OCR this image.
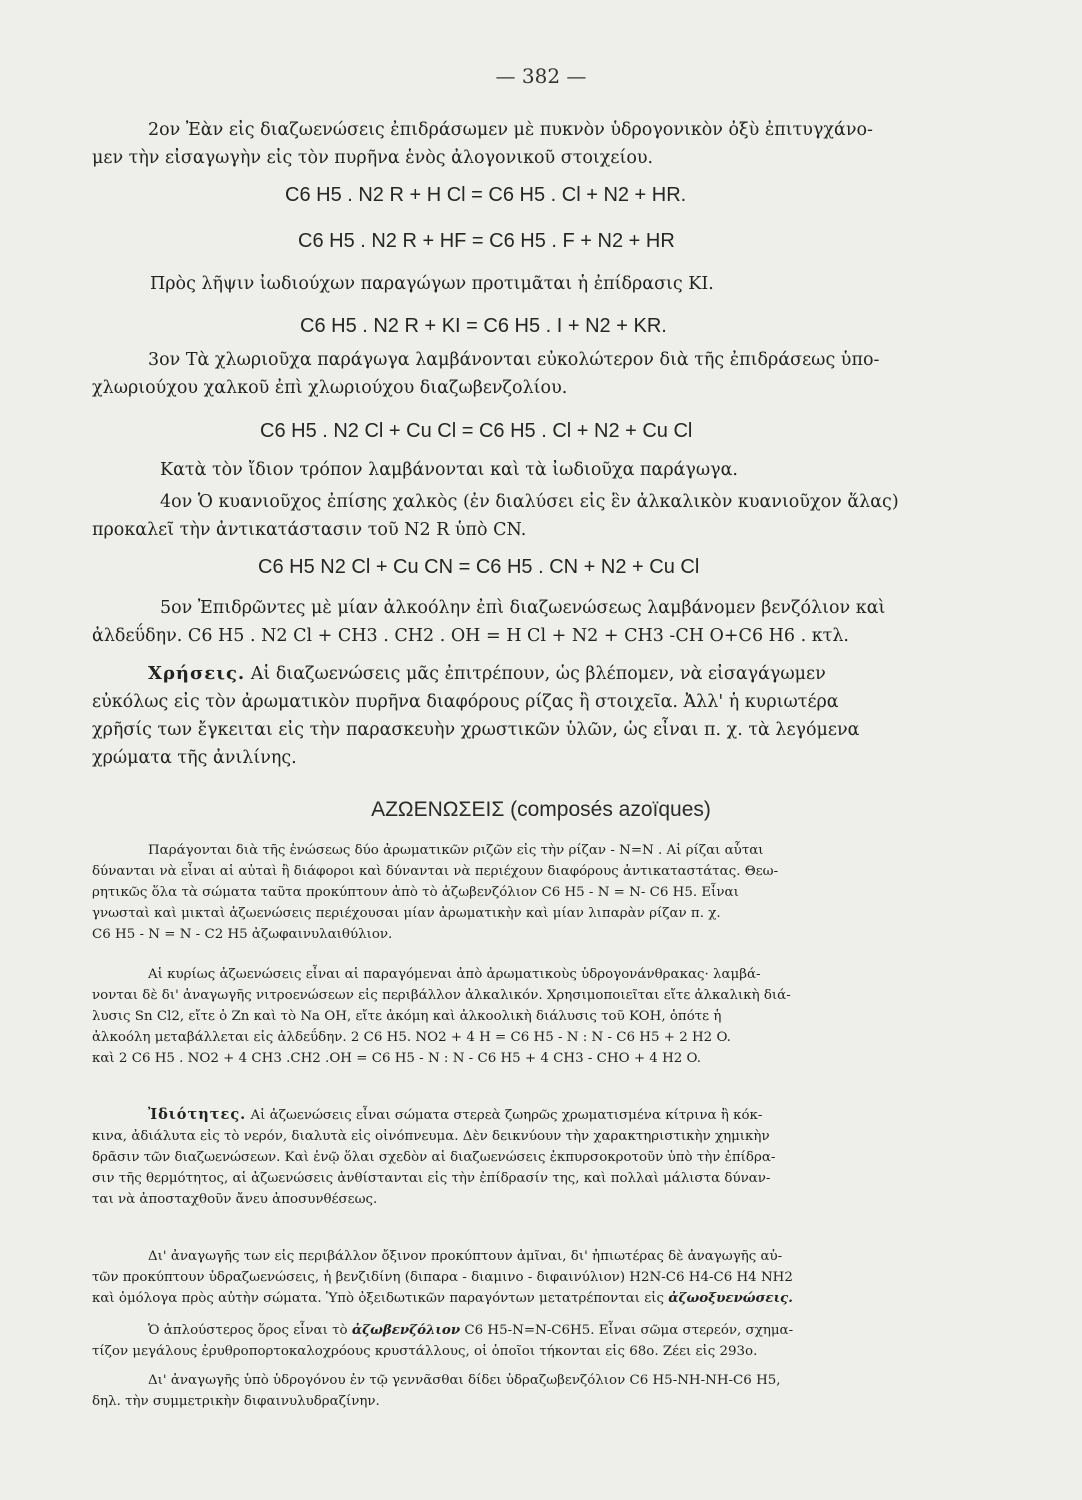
— 382 —
2ον Ἐὰν εἰς διαζωενώσεις ἐπιδράσωμεν μὲ πυκνὸν ὑδρογονικὸν ὀξὺ ἐπιτυγχάνο-
μεν τὴν εἰσαγωγὴν εἰς τὸν πυρῆνα ἑνὸς ἀλογονικοῦ στοιχείου.
C6 H5 . N2 R + H Cl = C6 H5 . Cl + N2 + HR.
C6 H5 . N2 R + HF = C6 H5 . F + N2 + HR
Πρὸς λῆψιν ἰωδιούχων παραγώγων προτιμᾶται ἡ ἐπίδρασις KI.
C6 H5 . N2 R + KI = C6 H5 . I + N2 + KR.
3ον Τὰ χλωριοῦχα παράγωγα λαμβάνονται εὐκολώτερον διὰ τῆς ἐπιδράσεως ὑπο-
χλωριούχου χαλκοῦ ἐπὶ χλωριούχου διαζωβενζολίου.
C6 H5 . N2 Cl + Cu Cl = C6 H5 . Cl + N2 + Cu Cl
Κατὰ τὸν ἴδιον τρόπον λαμβάνονται καὶ τὰ ἰωδιοῦχα παράγωγα.
4ον Ὁ κυανιοῦχος ἐπίσης χαλκὸς (ἐν διαλύσει εἰς ἓν ἀλκαλικὸν κυανιοῦχον ἅλας)
προκαλεῖ τὴν ἀντικατάστασιν τοῦ N2 R ὑπὸ CN.
C6 H5 N2 Cl + Cu CN = C6 H5 . CN + N2 + Cu Cl
5ον Ἐπιδρῶντες μὲ μίαν ἀλκοόλην ἐπὶ διαζωενώσεως λαμβάνομεν βενζόλιον καὶ
ἀλδεΰδην. C6 H5 . N2 Cl + CH3 . CH2 . OH = H Cl + N2 + CH3 -CH O+C6 H6 . κτλ.
Χρήσεις. Αἱ διαζωενώσεις μᾶς ἐπιτρέπουν, ὡς βλέπομεν, νὰ εἰσαγάγωμεν
εὐκόλως εἰς τὸν ἀρωματικὸν πυρῆνα διαφόρους ρίζας ἢ στοιχεῖα. Ἀλλ' ἡ κυριωτέρα
χρῆσίς των ἔγκειται εἰς τὴν παρασκευὴν χρωστικῶν ὑλῶν, ὡς εἶναι π. χ. τὰ λεγόμενα
χρώματα τῆς ἀνιλίνης.
ΑΖΩΕΝΩΣΕΙΣ (composés azoïques)
Παράγονται διὰ τῆς ἑνώσεως δύο ἀρωματικῶν ριζῶν εἰς τὴν ρίζαν - N=N . Αἱ ρίζαι αὗται
δύνανται νὰ εἶναι αἱ αὐταὶ ἢ διάφοροι καὶ δύνανται νὰ περιέχουν διαφόρους ἀντικαταστάτας. Θεω-
ρητικῶς ὅλα τὰ σώματα ταῦτα προκύπτουν ἀπὸ τὸ ἀζωβενζόλιον C6 H5 - N = N- C6 H5. Εἶναι
γνωσταὶ καὶ μικταὶ ἀζωενώσεις περιέχουσαι μίαν ἀρωματικὴν καὶ μίαν λιπαρὰν ρίζαν π. χ.
C6 H5 - N = N - C2 H5 ἀζωφαινυλαιθύλιον.
Αἱ κυρίως ἀζωενώσεις εἶναι αἱ παραγόμεναι ἀπὸ ἀρωματικοὺς ὑδρογονάνθρακας· λαμβά-
νονται δὲ δι' ἀναγωγῆς νιτροενώσεων εἰς περιβάλλον ἀλκαλικόν. Χρησιμοποιεῖται εἴτε ἀλκαλικὴ διά-
λυσις Sn Cl2, εἴτε ὁ Zn καὶ τὸ Na OH, εἴτε ἀκόμη καὶ ἀλκοολικὴ διάλυσις τοῦ KOH, ὁπότε ἡ
ἀλκοόλη μεταβάλλεται εἰς ἀλδεΰδην. 2 C6 H5. NO2 + 4 H = C6 H5 - N : N - C6 H5 + 2 H2 O.
καὶ 2 C6 H5 . NO2 + 4 CH3 .CH2 .OH = C6 H5 - N : N - C6 H5 + 4 CH3 - CHO + 4 H2 O.
Ἰδιότητες. Αἱ ἀζωενώσεις εἶναι σώματα στερεὰ ζωηρῶς χρωματισμένα κίτρινα ἢ κόκ-
κινα, ἀδιάλυτα εἰς τὸ νερόν, διαλυτὰ εἰς οἰνόπνευμα. Δὲν δεικνύουν τὴν χαρακτηριστικὴν χημικὴν
δρᾶσιν τῶν διαζωενώσεων. Καὶ ἐνῷ ὅλαι σχεδὸν αἱ διαζωενώσεις ἐκπυρσοκροτοῦν ὑπὸ τὴν ἐπίδρα-
σιν τῆς θερμότητος, αἱ ἀζωενώσεις ἀνθίστανται εἰς τὴν ἐπίδρασίν της, καὶ πολλαὶ μάλιστα δύναν-
ται νὰ ἀποσταχθοῦν ἄνευ ἀποσυνθέσεως.
Δι' ἀναγωγῆς των εἰς περιβάλλον ὄξινον προκύπτουν ἀμῖναι, δι' ἠπιωτέρας δὲ ἀναγωγῆς αὐ-
τῶν προκύπτουν ὑδραζωενώσεις, ἡ βενζιδίνη (διπαρα - διαμινο - διφαινύλιον) H2N-C6 H4-C6 H4 NH2
καὶ ὁμόλογα πρὸς αὐτὴν σώματα. Ὑπὸ ὀξειδωτικῶν παραγόντων μετατρέπονται εἰς ἀζωοξυενώσεις.
Ὁ ἁπλούστερος ὅρος εἶναι τὸ ἀζωβενζόλιον C6 H5-N=N-C6H5. Εἶναι σῶμα στερεόν, σχημα-
τίζον μεγάλους ἐρυθροπορτοκαλοχρόους κρυστάλλους, οἱ ὁποῖοι τήκονται εἰς 68ο. Ζέει εἰς 293ο.
Δι' ἀναγωγῆς ὑπὸ ὑδρογόνου ἐν τῷ γεννᾶσθαι δίδει ὑδραζωβενζόλιον C6 H5-NH-NH-C6 H5,
δηλ. τὴν συμμετρικὴν διφαινυλυδραζίνην.
